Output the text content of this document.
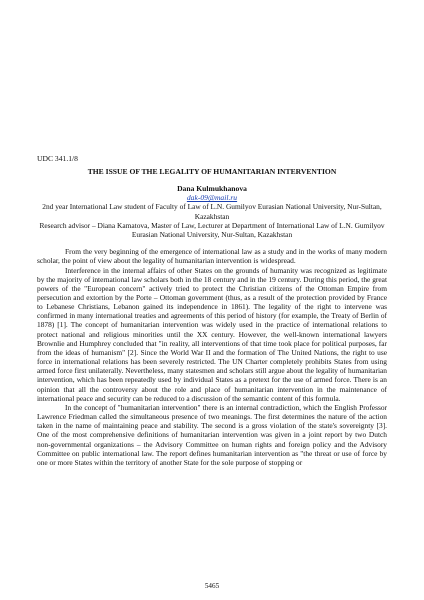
UDC 341.1/8
THE ISSUE OF THE LEGALITY OF HUMANITARIAN INTERVENTION
Dana Kulmukhanova
dak-09@mail.ru

2nd year International Law student of Faculty of Law of L.N. Gumilyov Eurasian National University, Nur-Sultan, Kazakhstan

Research advisor – Diana Kamatova, Master of Law, Lecturer at Department of International Law of L.N. Gumilyov Eurasian National University, Nur-Sultan, Kazakhstan

From the very beginning of the emergence of international law as a study and in the works of many modern scholar, the point of view about the legality of humanitarian intervention is widespread.

Interference in the internal affairs of other States on the grounds of humanity was recognized as legitimate by the majority of international law scholars both in the 18 century and in the 19 century. During this period, the great powers of the "European concern" actively tried to protect the Christian citizens of the Ottoman Empire from persecution and extortion by the Porte – Ottoman government (thus, as a result of the protection provided by France to Lebanese Christians, Lebanon gained its independence in 1861). The legality of the right to intervene was confirmed in many international treaties and agreements of this period of history (for example, the Treaty of Berlin of 1878) [1]. The concept of humanitarian intervention was widely used in the practice of international relations to protect national and religious minorities until the XX century. However, the well-known international lawyers Brownlie and Humphrey concluded that "in reality, all interventions of that time took place for political purposes, far from the ideas of humanism" [2]. Since the World War II and the formation of The United Nations, the right to use force in international relations has been severely restricted. The UN Charter completely prohibits States from using armed force first unilaterally. Nevertheless, many statesmen and scholars still argue about the legality of humanitarian intervention, which has been repeatedly used by individual States as a pretext for the use of armed force. There is an opinion that all the controversy about the role and place of humanitarian intervention in the maintenance of international peace and security can be reduced to a discussion of the semantic content of this formula.

In the concept of "humanitarian intervention" there is an internal contradiction, which the English Professor Lawrence Friedman called the simultaneous presence of two meanings. The first determines the nature of the action taken in the name of maintaining peace and stability. The second is a gross violation of the state's sovereignty [3]. One of the most comprehensive definitions of humanitarian intervention was given in a joint report by two Dutch non-governmental organizations – the Advisory Committee on human rights and foreign policy and the Advisory Committee on public international law. The report defines humanitarian intervention as "the threat or use of force by one or more States within the territory of another State for the sole purpose of stopping or

5465
